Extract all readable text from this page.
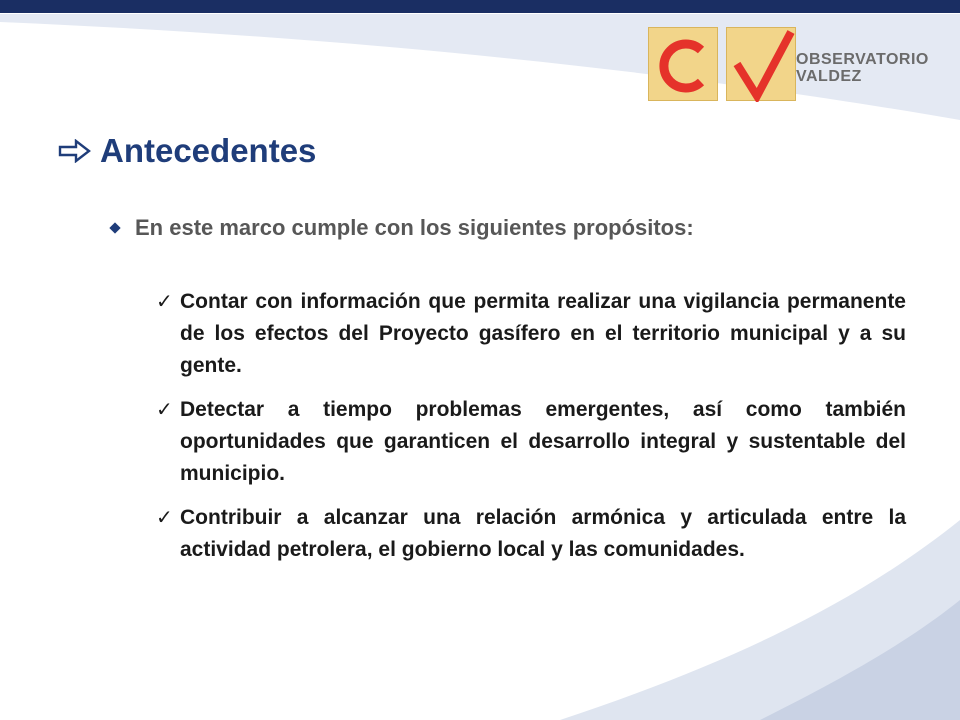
OBSERVATORIO
VALDEZ
Antecedentes
En este marco cumple con los siguientes propósitos:
✓ Contar con información que permita realizar una vigilancia permanente de los efectos del Proyecto gasífero en el territorio municipal y a su gente.
✓ Detectar a tiempo problemas emergentes, así como también oportunidades que garanticen el desarrollo integral y sustentable del municipio.
✓ Contribuir a alcanzar una relación armónica y articulada entre la actividad petrolera, el gobierno local y las comunidades.
